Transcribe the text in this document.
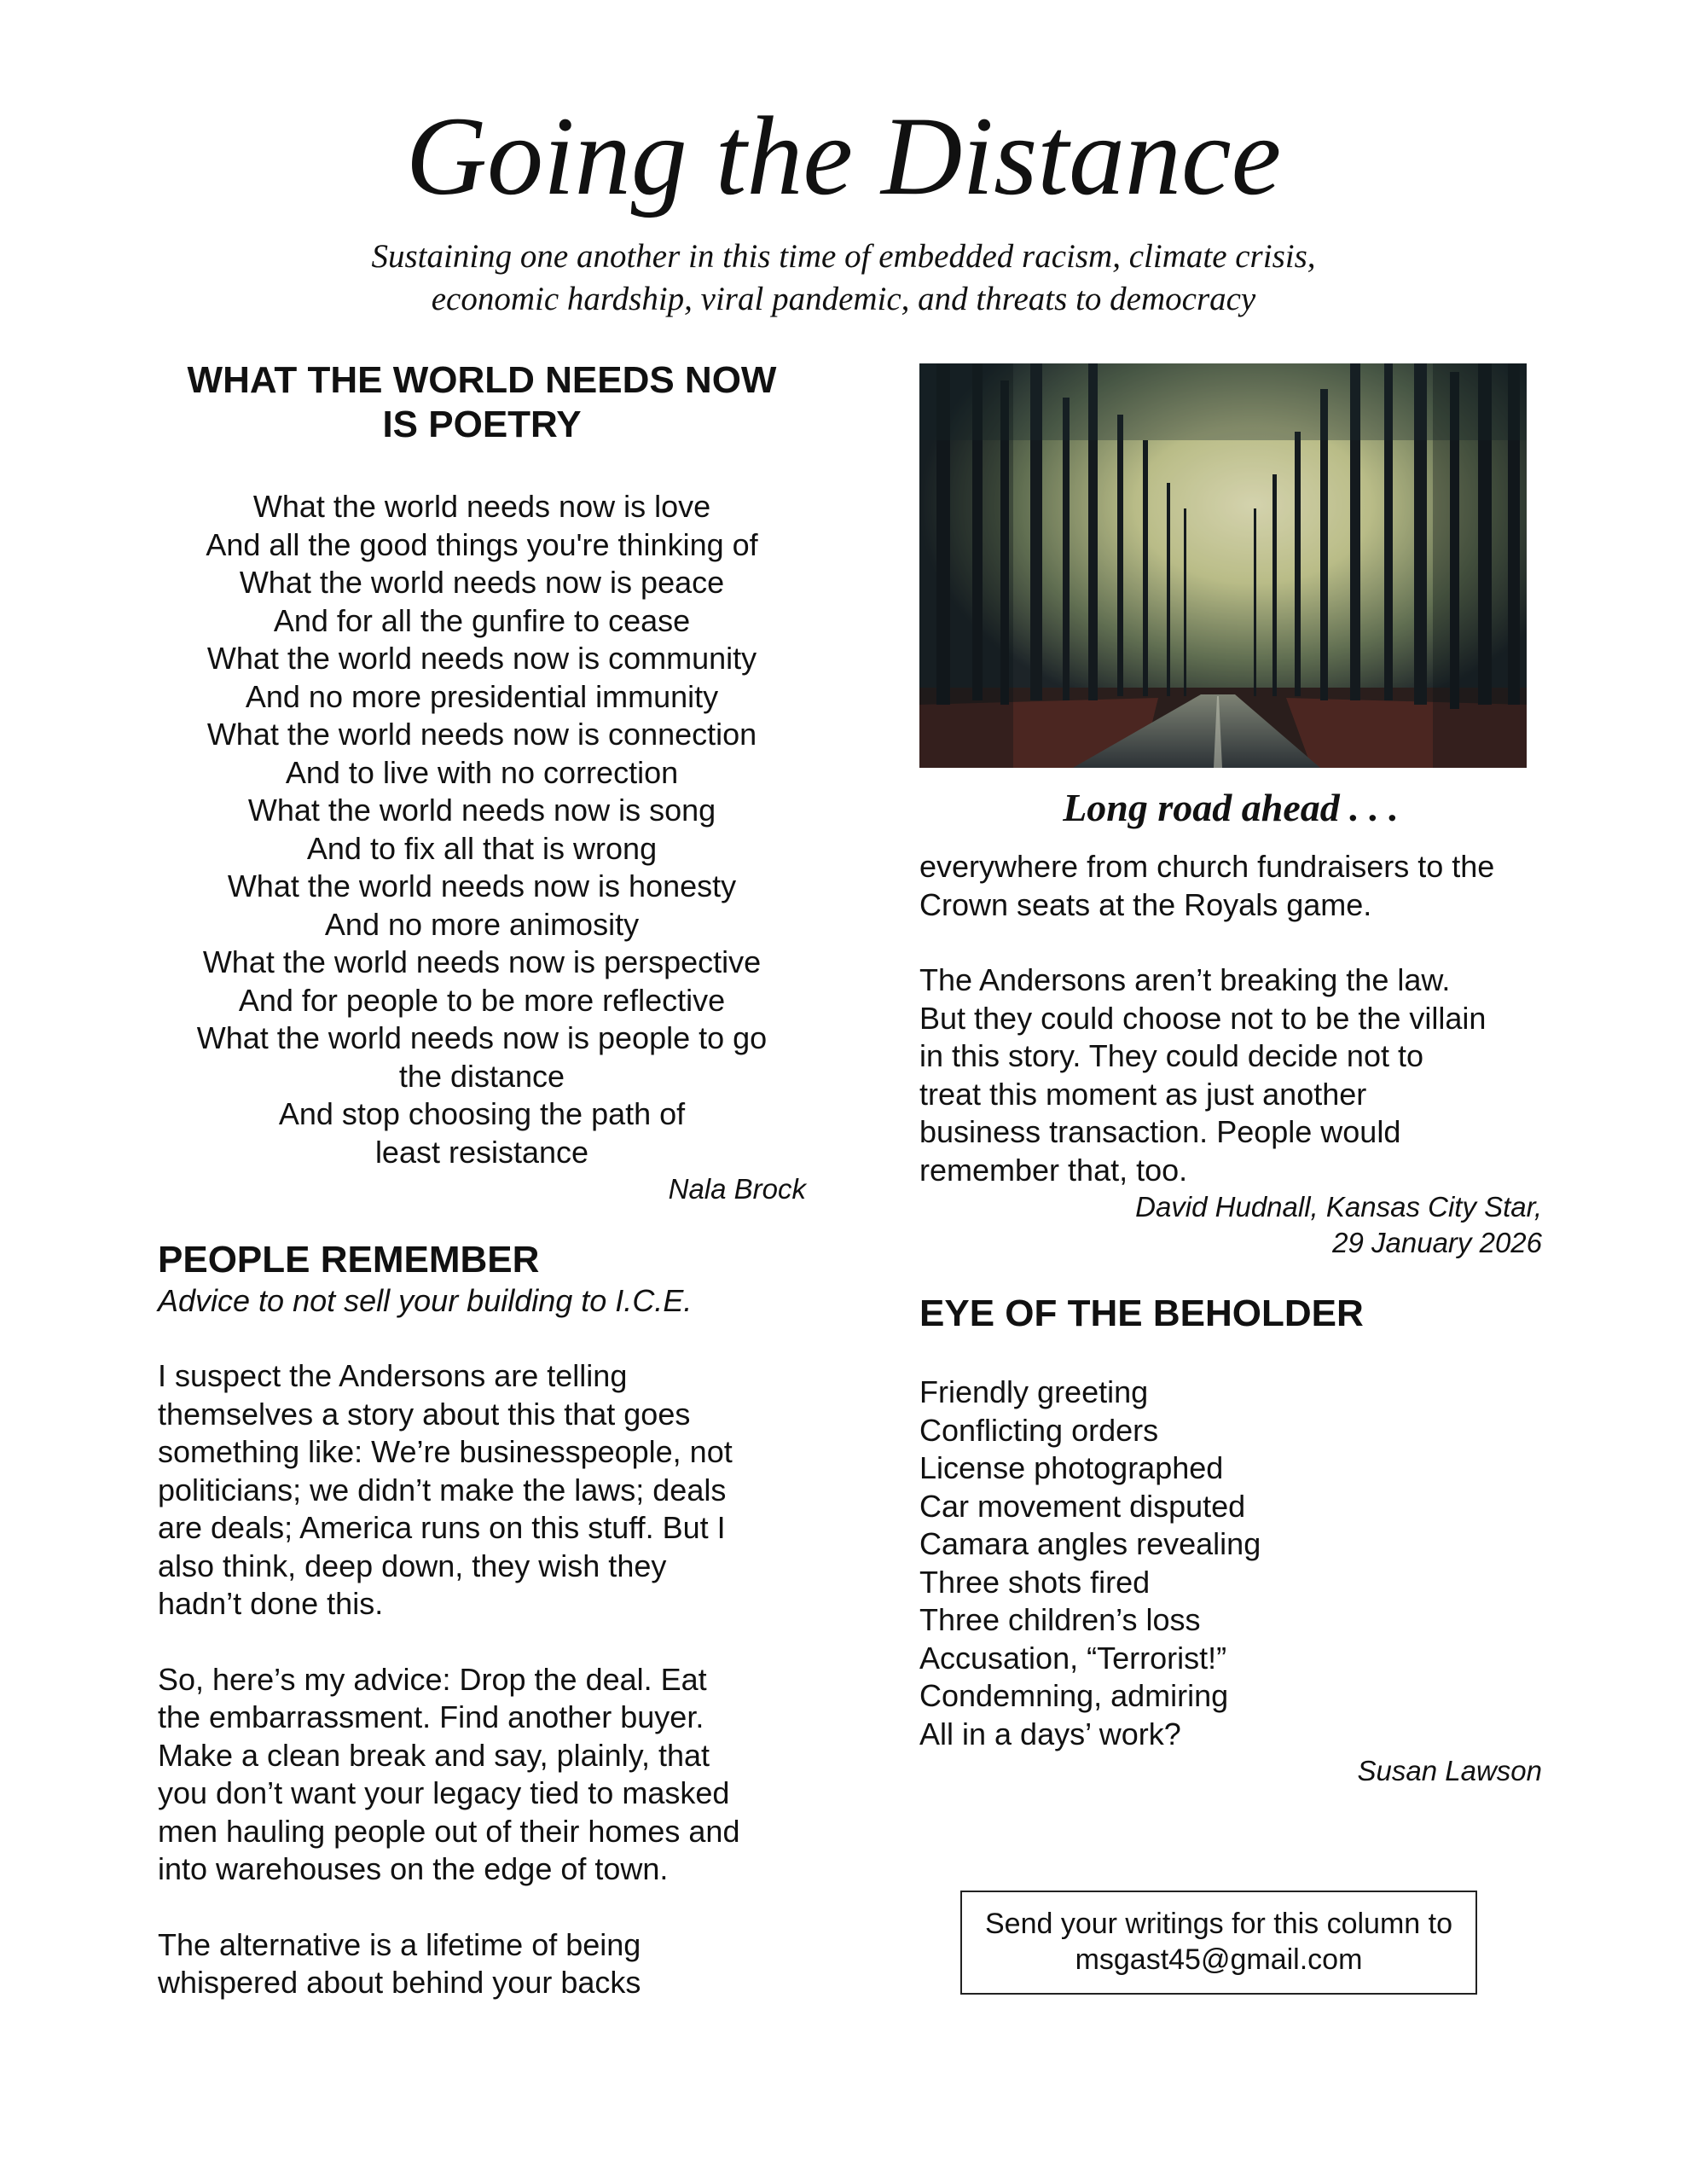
Going the Distance
Sustaining one another in this time of embedded racism, climate crisis,
economic hardship, viral pandemic, and threats to democracy
WHAT THE WORLD NEEDS NOW
IS POETRY
What the world needs now is love
And all the good things you're thinking of
What the world needs now is peace
And for all the gunfire to cease
What the world needs now is community
And no more presidential immunity
What the world needs now is connection
And to live with no correction
What the world needs now is song
And to fix all that is wrong
What the world needs now is honesty
And no more animosity
What the world needs now is perspective
And for people to be more reflective
What the world needs now is people to go
the distance
And stop choosing the path of
least resistance
Nala Brock
PEOPLE REMEMBER
Advice to not sell your building to I.C.E.

I suspect the Andersons are telling
themselves a story about this that goes
something like: We’re businesspeople, not
politicians; we didn’t make the laws; deals
are deals; America runs on this stuff. But I
also think, deep down, they wish they
hadn’t done this.

So, here’s my advice: Drop the deal. Eat
the embarrassment. Find another buyer.
Make a clean break and say, plainly, that
you don’t want your legacy tied to masked
men hauling people out of their homes and
into warehouses on the edge of town.

The alternative is a lifetime of being
whispered about behind your backs

Long road ahead . . .

everywhere from church fundraisers to the
Crown seats at the Royals game.

The Andersons aren’t breaking the law.
But they could choose not to be the villain
in this story. They could decide not to
treat this moment as just another
business transaction. People would
remember that, too.

David Hudnall, Kansas City Star,
29 January 2026
EYE OF THE BEHOLDER

Friendly greeting
Conflicting orders
License photographed
Car movement disputed
Camara angles revealing
Three shots fired
Three children’s loss
Accusation, “Terrorist!”
Condemning, admiring
All in a days’ work?

Susan Lawson
Send your writings for this column to
msgast45@gmail.com
